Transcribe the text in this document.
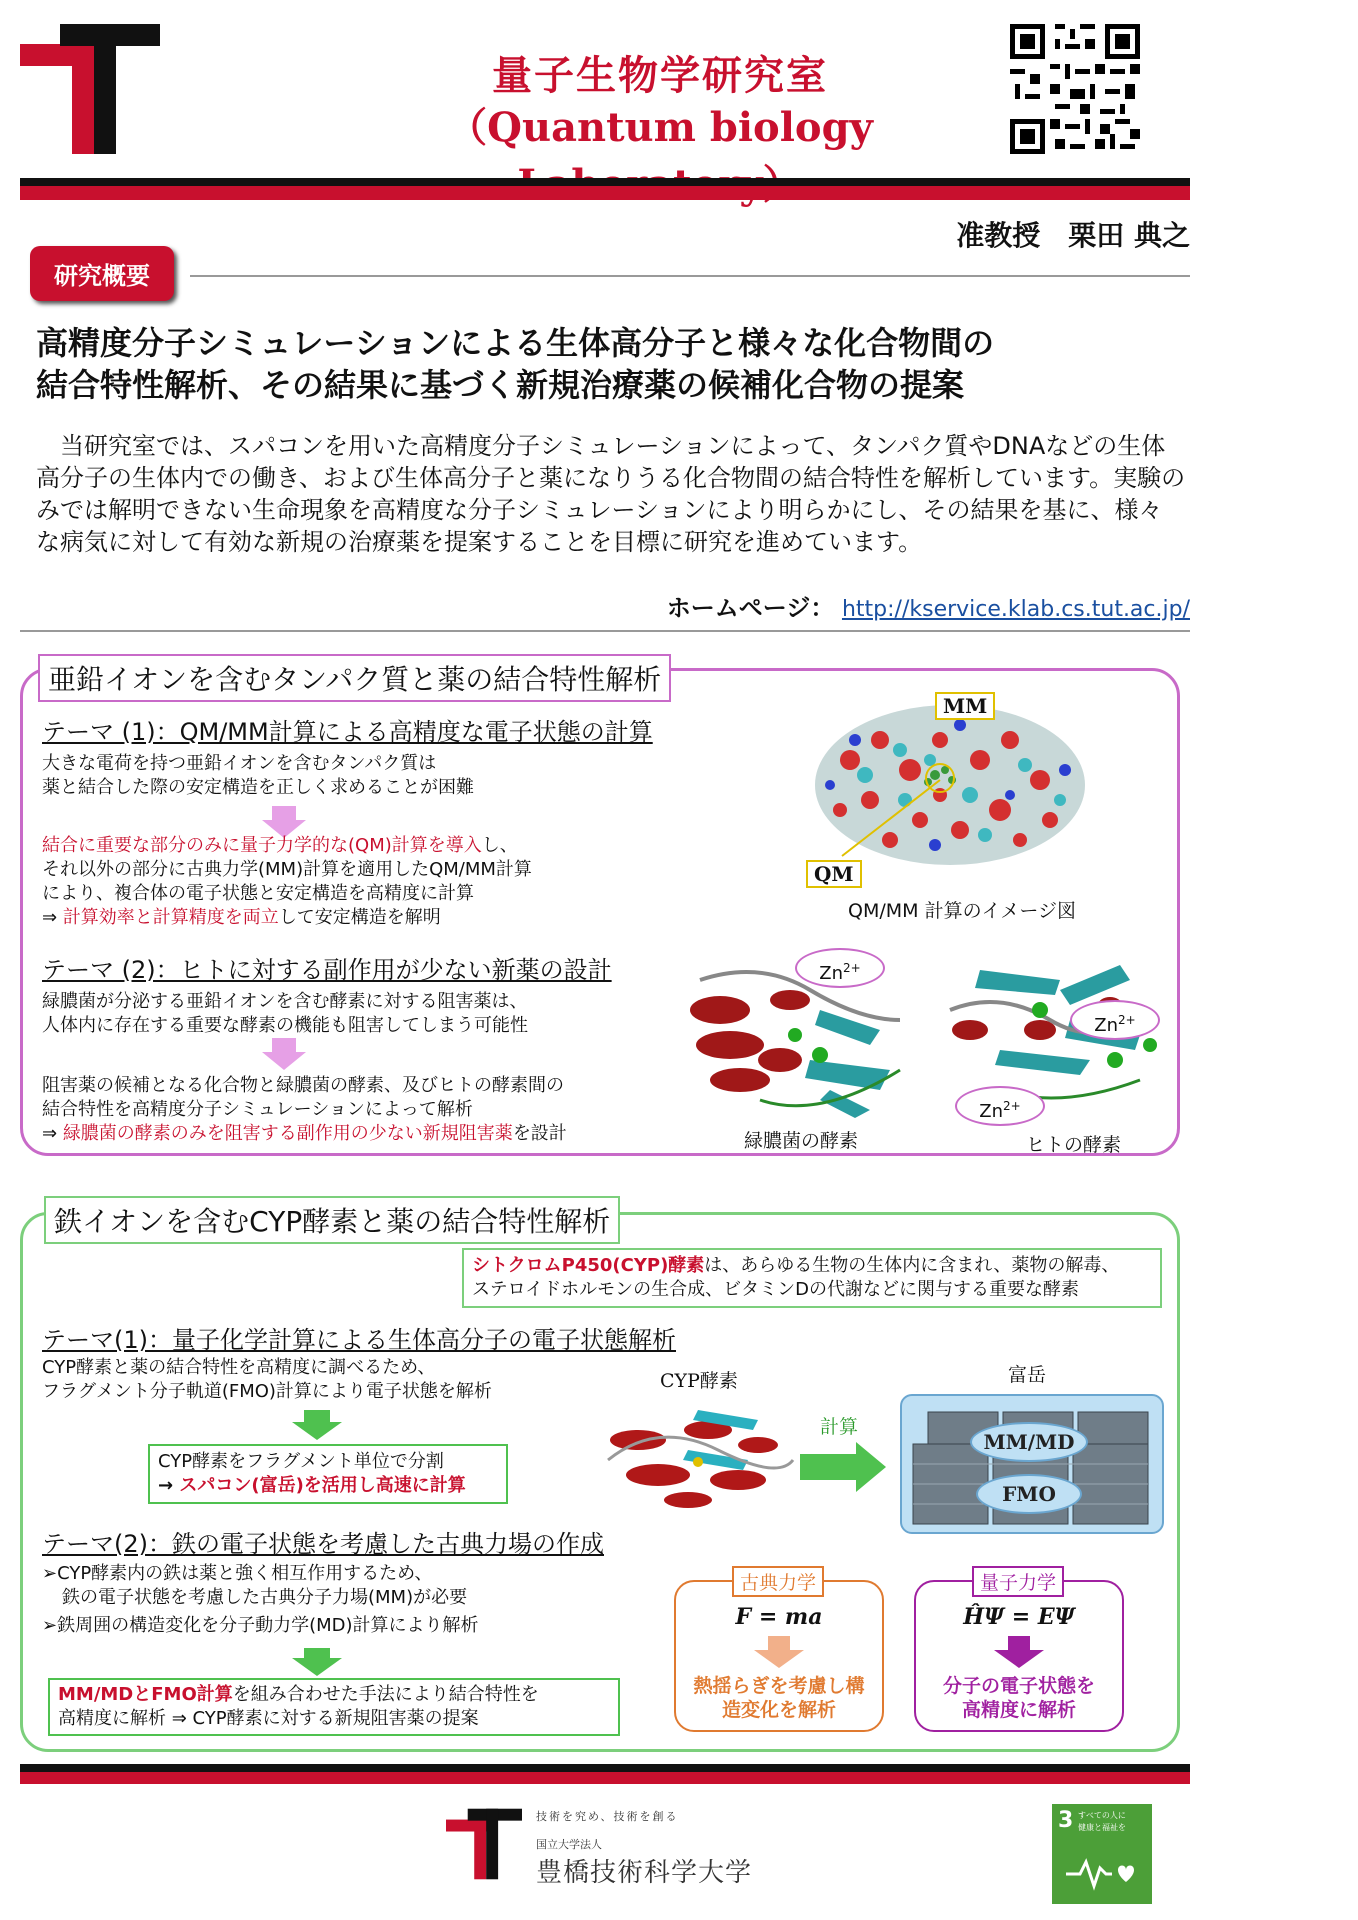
量子生物学研究室
（Quantum biology
准教授　栗田 典之
研究概要
高精度分子シミュレーションによる生体高分子と様々な化合物間の
結合特性解析、その結果に基づく新規治療薬の候補化合物の提案
当研究室では、スパコンを用いた高精度分子シミュレーションによって、タンパク質やDNAなどの生体高分子の生体内での働き、および生体高分子と薬になりうる化合物間の結合特性を解析しています。実験のみでは解明できない生命現象を高精度な分子シミュレーションにより明らかにし、その結果を基に、様々な病気に対して有効な新規の治療薬を提案することを目標に研究を進めています。
ホームページ： http://kservice.klab.cs.tut.ac.jp/
亜鉛イオンを含むタンパク質と薬の結合特性解析
テーマ (1)：QM/MM計算による高精度な電子状態の計算
大きな電荷を持つ亜鉛イオンを含むタンパク質は
薬と結合した際の安定構造を正しく求めることが困難
結合に重要な部分のみに量子力学的な(QM)計算を導入し、
それ以外の部分に古典力学(MM)計算を適用したQM/MM計算
により、複合体の電子状態と安定構造を高精度に計算
⇒ 計算効率と計算精度を両立して安定構造を解明
MM
QM
QM/MM 計算のイメージ図
テーマ (2)：ヒトに対する副作用が少ない新薬の設計
緑膿菌が分泌する亜鉛イオンを含む酵素に対する阻害薬は、
人体内に存在する重要な酵素の機能も阻害してしまう可能性
阻害薬の候補となる化合物と緑膿菌の酵素、及びヒトの酵素間の
結合特性を高精度分子シミュレーションによって解析
⇒ 緑膿菌の酵素のみを阻害する副作用の少ない新規阻害薬を設計
$Zn^{2+}$
緑膿菌の酵素
$Zn^{2+}$
$Zn^{2+}$
ヒトの酵素
鉄イオンを含むCYP酵素と薬の結合特性解析
シトクロムP450(CYP)酵素は、あらゆる生物の生体内に含まれ、薬物の解毒、
ステロイドホルモンの生合成、ビタミンDの代謝などに関与する重要な酵素
テーマ(1)：量子化学計算による生体高分子の電子状態解析
CYP酵素と薬の結合特性を高精度に調べるため、
フラグメント分子軌道(FMO)計算により電子状態を解析
CYP酵素をフラグメント単位で分割
→ スパコン(富岳)を活用し高速に計算
CYP酵素
計算
富岳
MM/MD
FMO
テーマ(2)：鉄の電子状態を考慮した古典力場の作成
➢CYP酵素内の鉄は薬と強く相互作用するため、
鉄の電子状態を考慮した古典分子力場(MM)が必要
➢鉄周囲の構造変化を分子動力学(MD)計算により解析
MM/MDとFMO計算を組み合わせた手法により結合特性を
高精度に解析 ⇒ CYP酵素に対する新規阻害薬の提案
古典力学
F = ma
熱揺らぎを考慮し構
造変化を解析
量子力学
ĤΨ = EΨ
分子の電子状態を
高精度に解析
技術を究め、技術を創る
国立大学法人
豊橋技術科学大学
3 すべての人に
健康と福祉を
